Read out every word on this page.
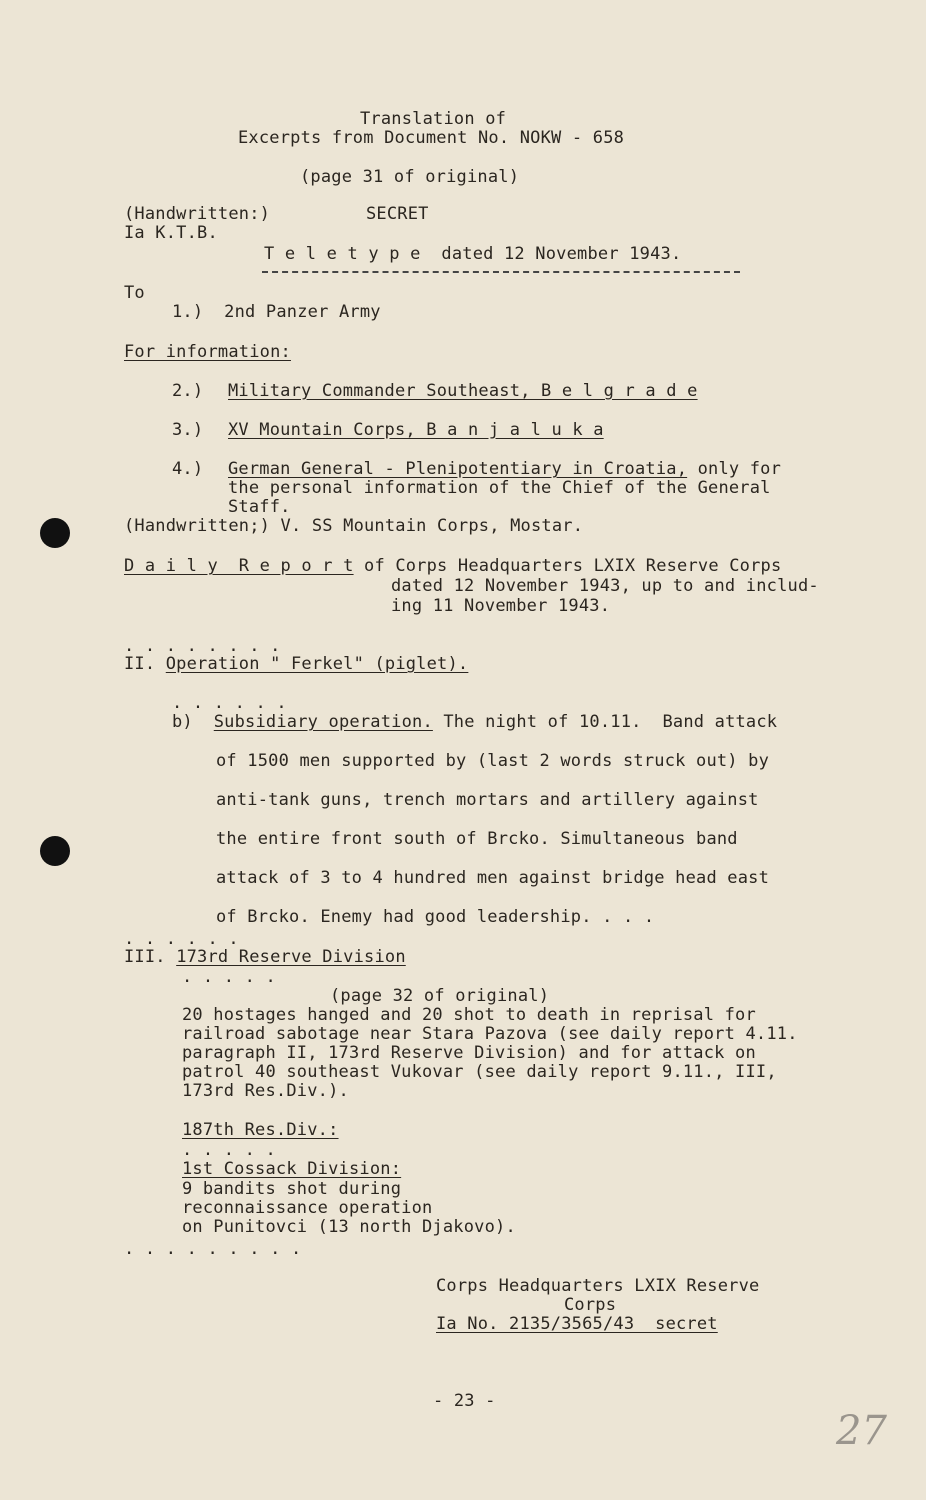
Translation of
Excerpts from Document No. NOKW - 658
(page 31 of original)
(Handwritten:)	SECRET
Ia K.T.B.
T e l e t y p e  dated 12 November 1943.
To
1.)  2nd Panzer Army
For information:
2.) Military Commander Southeast, B e l g r a d e
3.) XV Mountain Corps, B a n j a l u k a
4.) German General - Plenipotentiary in Croatia, only for
the personal information of the Chief of the General
Staff.
(Handwritten;) V. SS Mountain Corps, Mostar.
D a i l y  R e p o r t of Corps Headquarters LXIX Reserve Corps
dated 12 November 1943, up to and includ-
ing 11 November 1943.
. . . . . . . .
II. Operation " Ferkel" (piglet).
. . . . . .
b)  Subsidiary operation. The night of 10.11.  Band attack
of 1500 men supported by (last 2 words struck out) by
anti-tank guns, trench mortars and artillery against
the entire front south of Brcko. Simultaneous band
attack of 3 to 4 hundred men against bridge head east
of Brcko. Enemy had good leadership. . . .
. . . . . .
III. 173rd Reserve Division
. . . . .
(page 32 of original)
20 hostages hanged and 20 shot to death in reprisal for
railroad sabotage near Stara Pazova (see daily report 4.11.
paragraph II, 173rd Reserve Division) and for attack on
patrol 40 southeast Vukovar (see daily report 9.11., III,
173rd Res.Div.).
187th Res.Div.:
. . . . .
1st Cossack Division:
9 bandits shot during
reconnaissance operation
on Punitovci (13 north Djakovo).
. . . . . . . . .
Corps Headquarters LXIX Reserve
Corps
Ia No. 2135/3565/43  secret
- 23 -
27
